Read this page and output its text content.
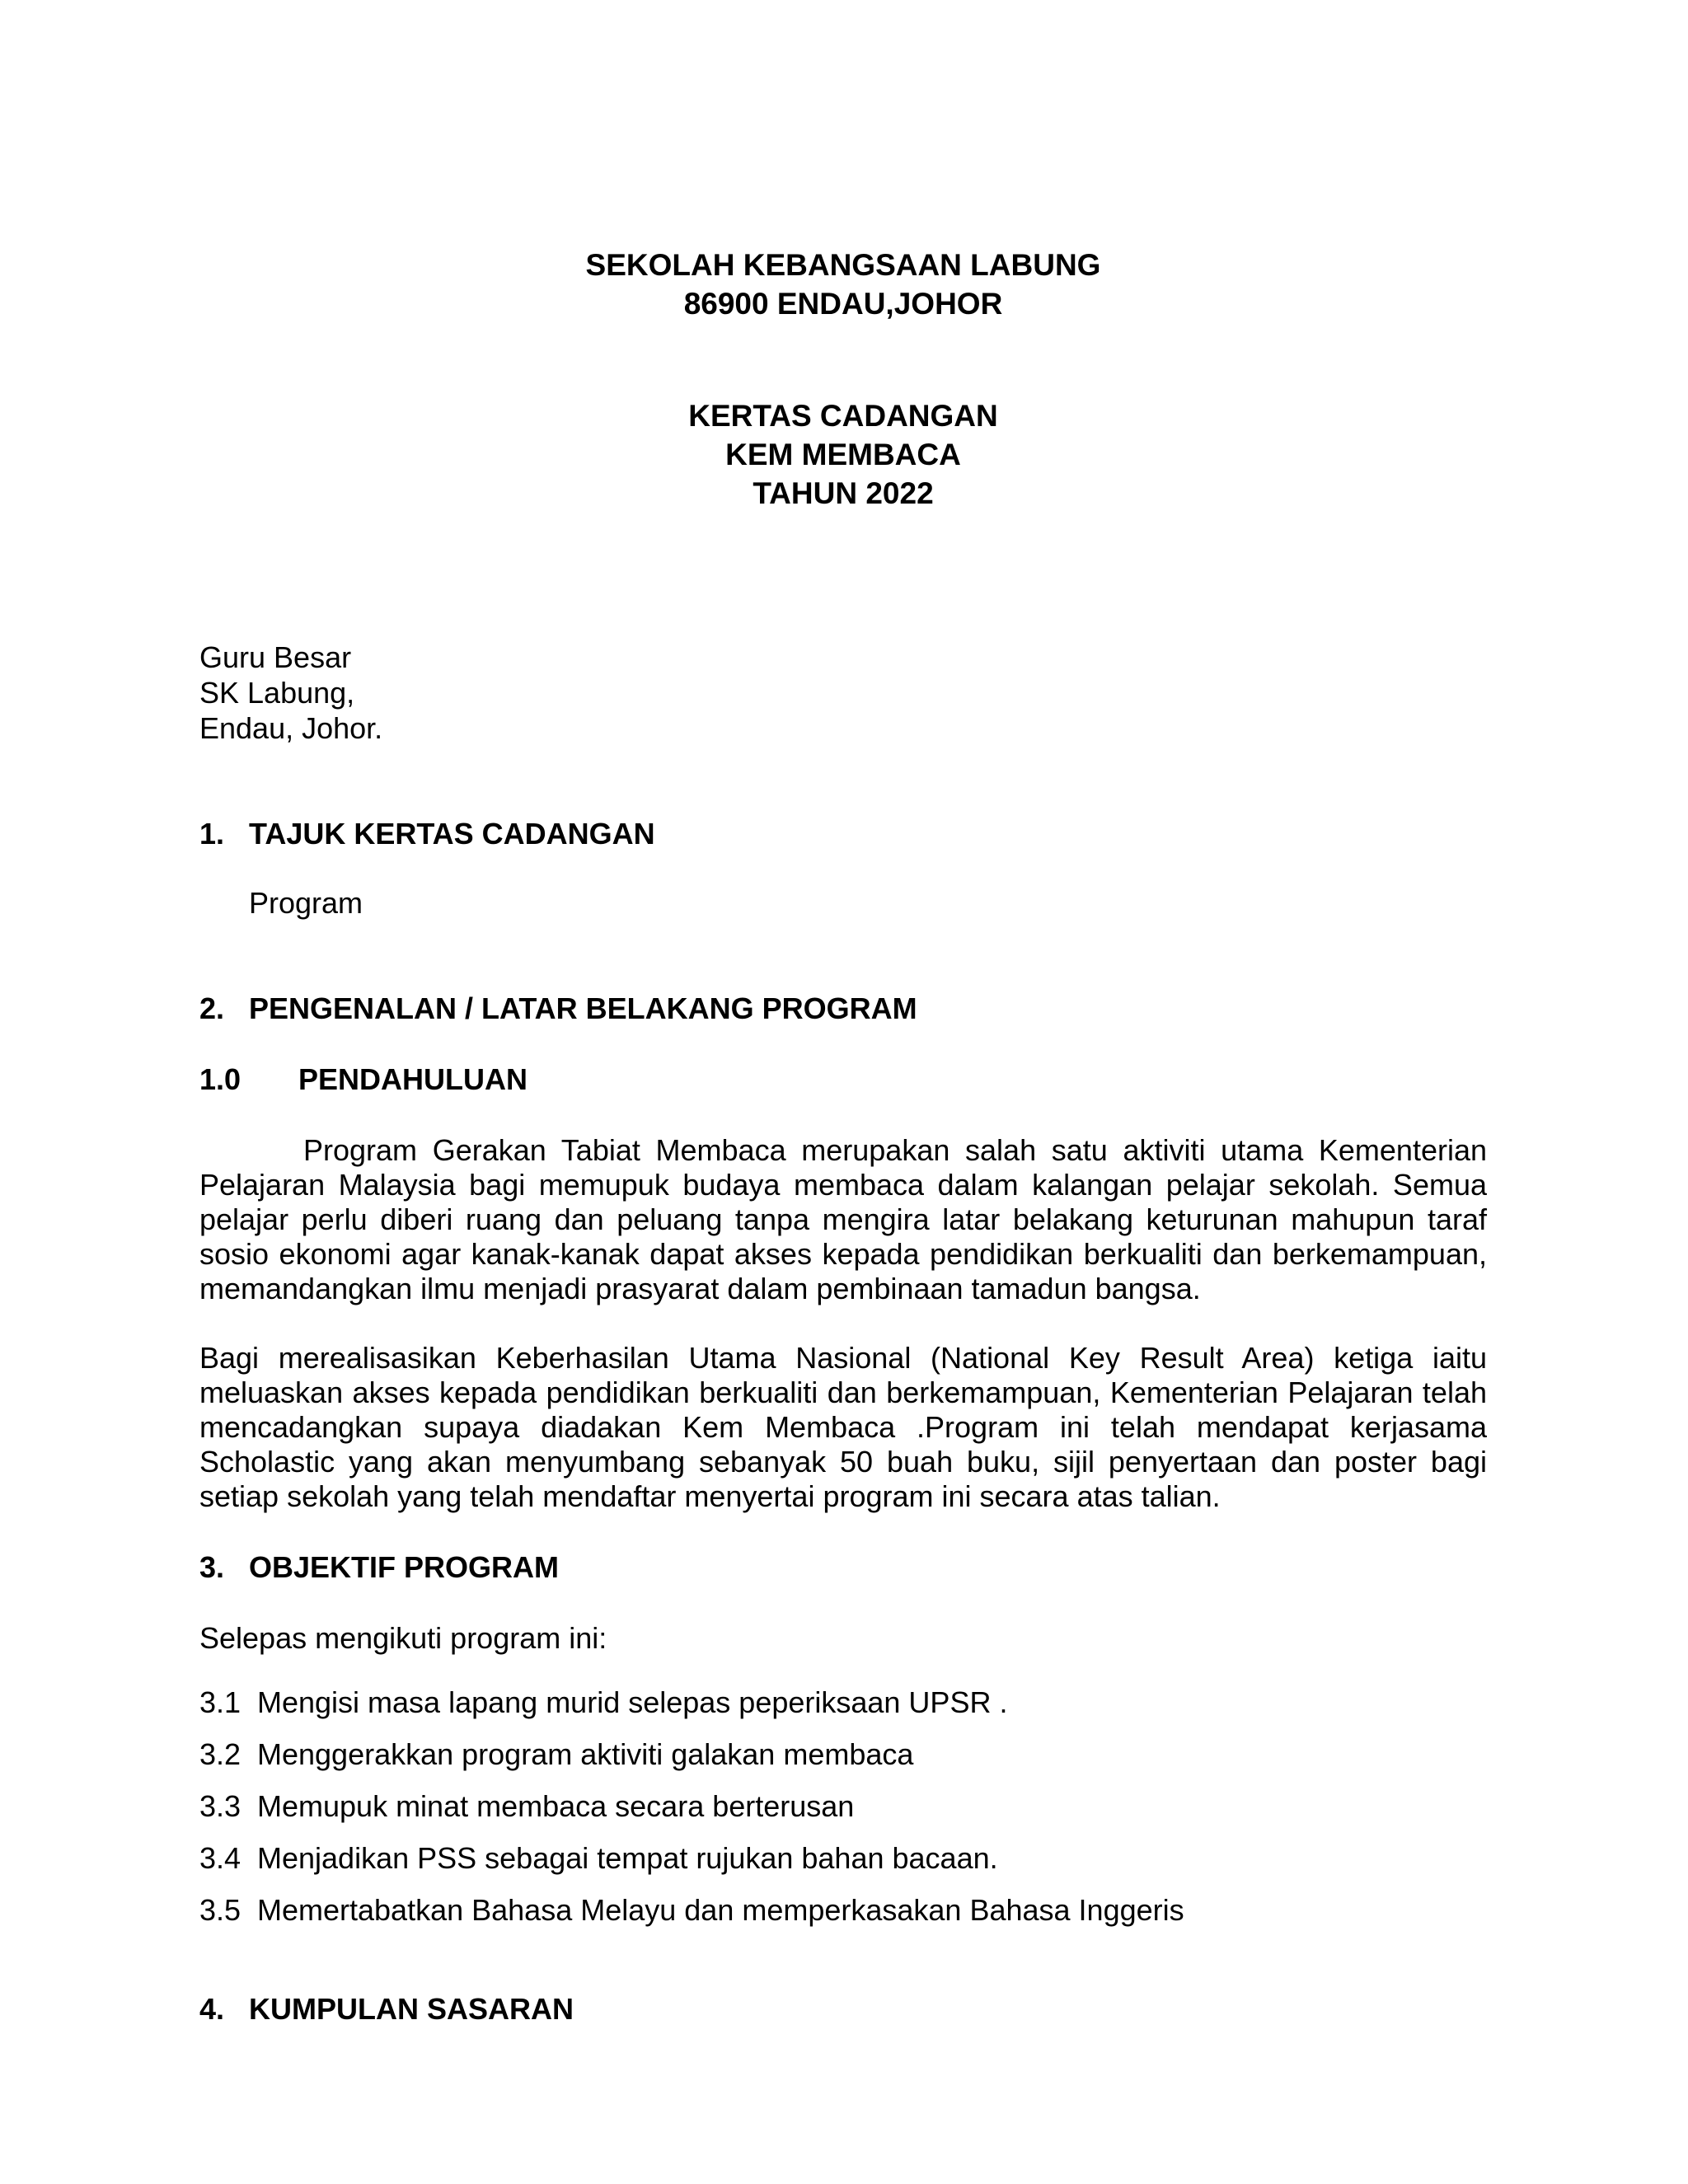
SEKOLAH KEBANGSAAN LABUNG
86900 ENDAU,JOHOR
KERTAS CADANGAN
KEM MEMBACA
TAHUN 2022
Guru Besar
SK Labung,
Endau, Johor.
1. TAJUK KERTAS CADANGAN
Program
2. PENGENALAN / LATAR BELAKANG PROGRAM
1.0	PENDAHULUAN

Program Gerakan Tabiat Membaca merupakan salah satu aktiviti utama Kementerian Pelajaran Malaysia bagi memupuk budaya membaca dalam kalangan pelajar sekolah. Semua pelajar perlu diberi ruang dan peluang tanpa mengira latar belakang keturunan mahupun taraf sosio ekonomi agar kanak-kanak dapat akses kepada pendidikan berkualiti dan berkemampuan, memandangkan ilmu menjadi prasyarat dalam pembinaan tamadun bangsa.

Bagi merealisasikan Keberhasilan Utama Nasional (National Key Result Area) ketiga iaitu meluaskan akses kepada pendidikan berkualiti dan berkemampuan, Kementerian Pelajaran telah mencadangkan supaya diadakan Kem Membaca .Program ini telah mendapat kerjasama Scholastic yang akan menyumbang sebanyak 50 buah buku, sijil penyertaan dan poster bagi setiap sekolah yang telah mendaftar menyertai program ini secara atas talian.

3. OBJEKTIF PROGRAM
Selepas mengikuti program ini:
3.1 Mengisi masa lapang murid selepas peperiksaan UPSR .
3.2 Menggerakkan program aktiviti galakan membaca
3.3 Memupuk minat membaca secara berterusan
3.4 Menjadikan PSS sebagai tempat rujukan bahan bacaan.
3.5 Memertabatkan Bahasa Melayu dan memperkasakan Bahasa Inggeris
4. KUMPULAN SASARAN
